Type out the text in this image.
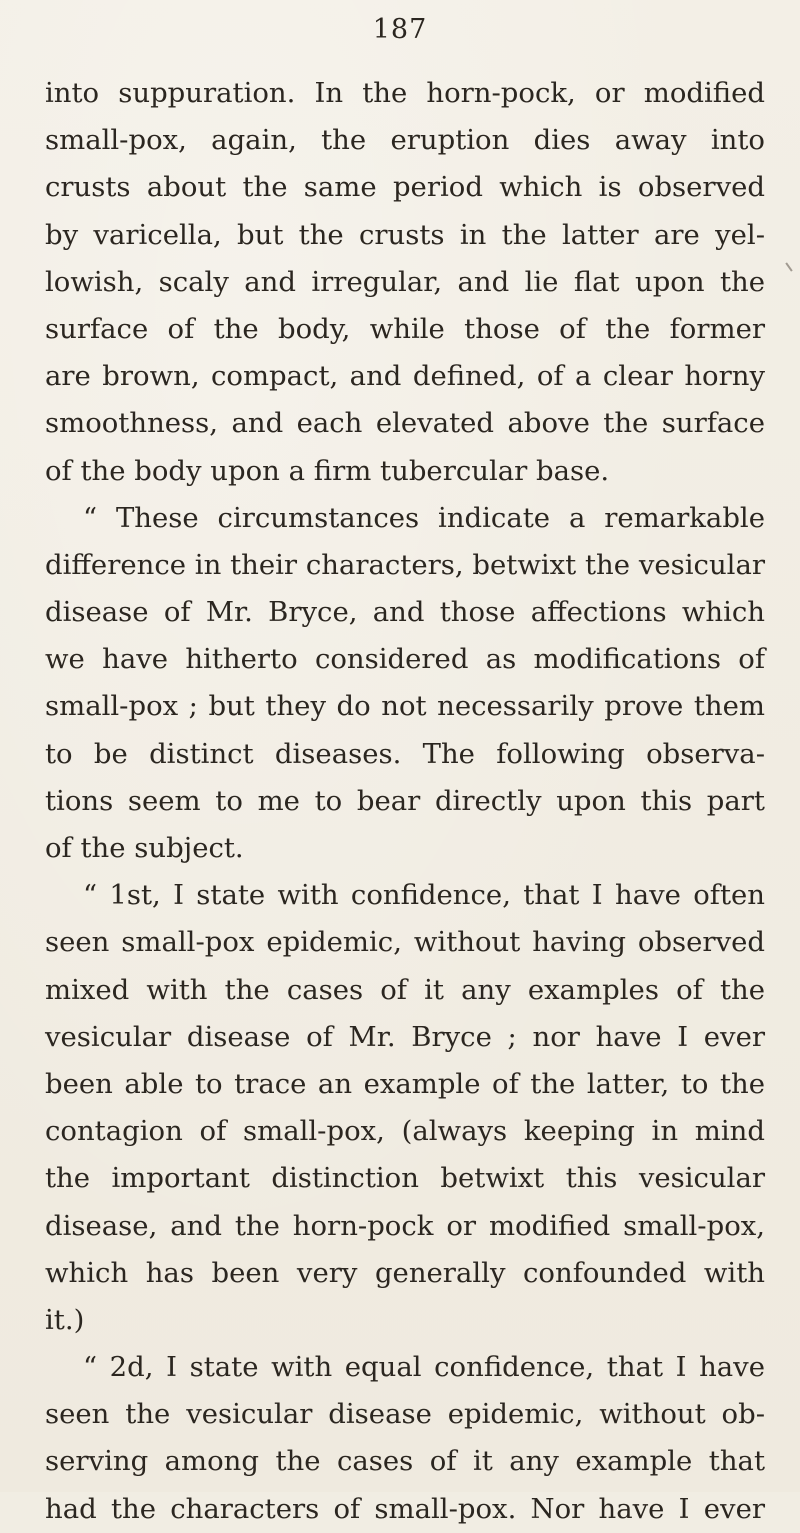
187
into suppuration. In the horn-pock, or modified
small-pox, again, the eruption dies away into
crusts about the same period which is observed
by varicella, but the crusts in the latter are yel-
lowish, scaly and irregular, and lie flat upon the
surface of the body, while those of the former
are brown, compact, and defined, of a clear horny
smoothness, and each elevated above the surface
of the body upon a firm tubercular base.
“ These circumstances indicate a remarkable
difference in their characters, betwixt the vesicular
disease of Mr. Bryce, and those affections which
we have hitherto considered as modifications of
small-pox ; but they do not necessarily prove them
to be distinct diseases. The following observa-
tions seem to me to bear directly upon this part
of the subject.
“ 1st, I state with confidence, that I have often
seen small-pox epidemic, without having observed
mixed with the cases of it any examples of the
vesicular disease of Mr. Bryce ; nor have I ever
been able to trace an example of the latter, to the
contagion of small-pox, (always keeping in mind
the important distinction betwixt this vesicular
disease, and the horn-pock or modified small-pox,
which has been very generally confounded with
it.)
“ 2d, I state with equal confidence, that I have
seen the vesicular disease epidemic, without ob-
serving among the cases of it any example that
had the characters of small-pox. Nor have I ever
